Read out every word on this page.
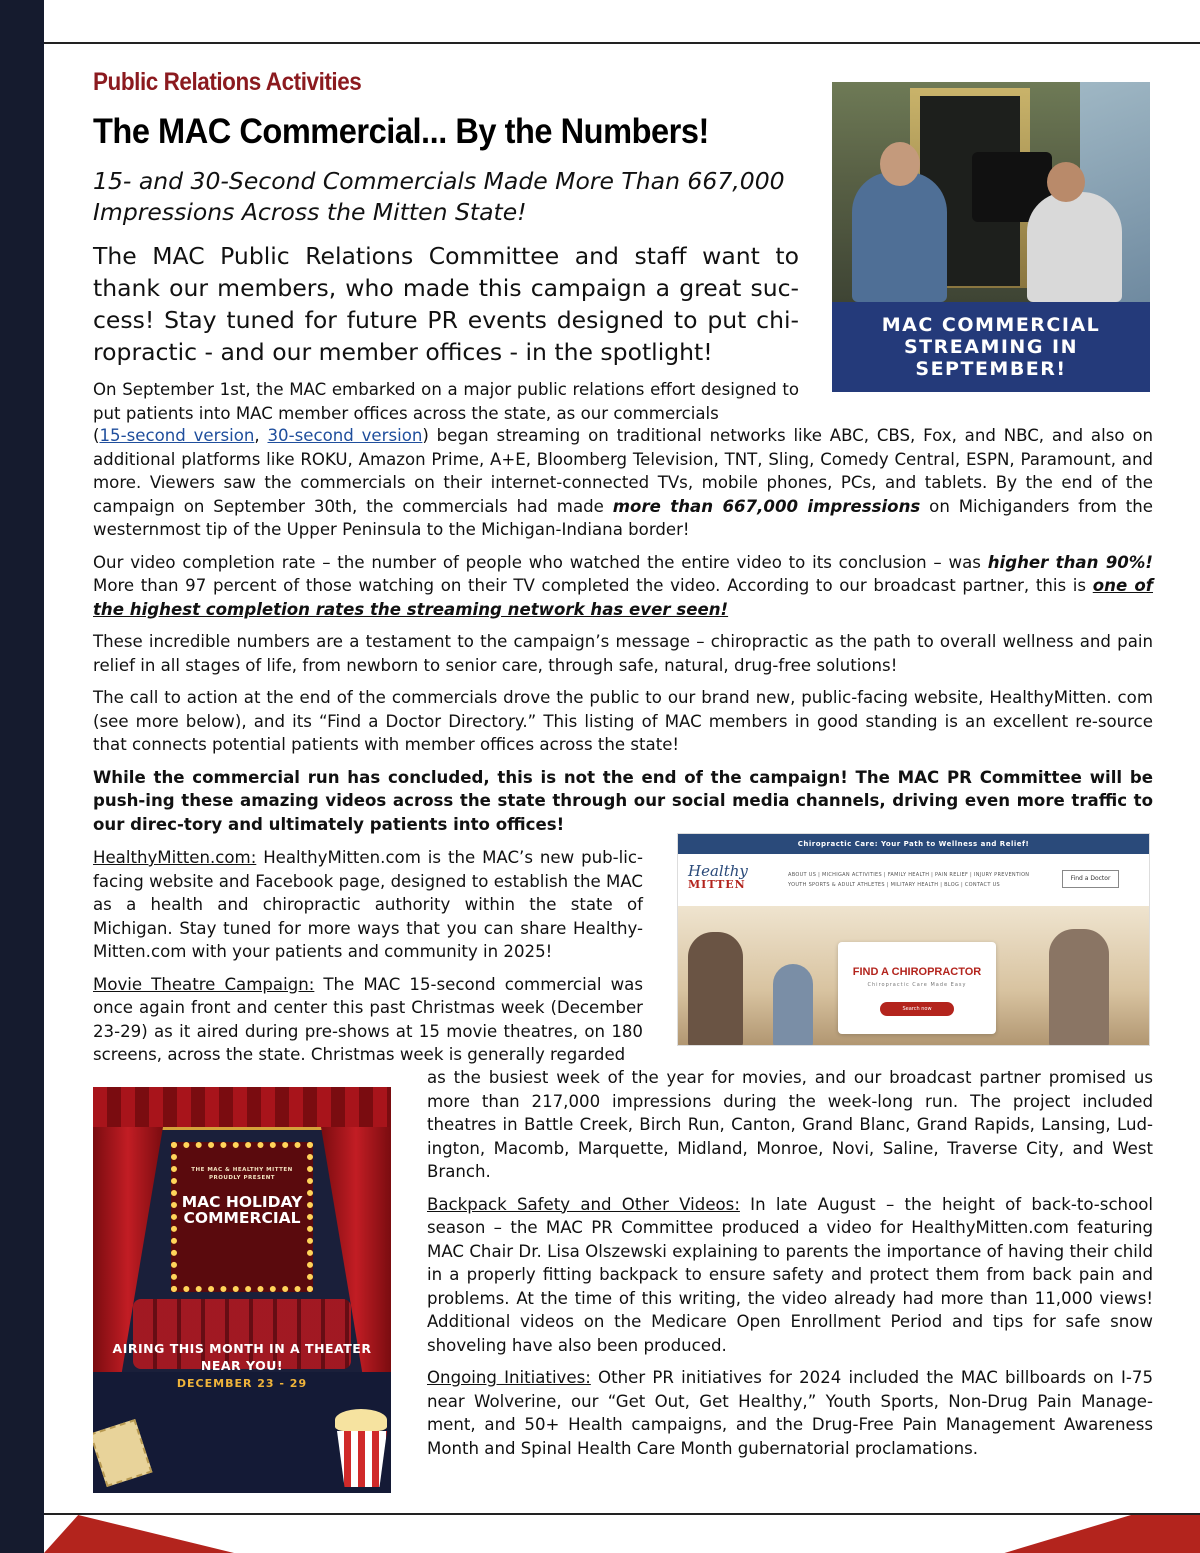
Public Relations Activities
The MAC Commercial... By the Numbers!
15- and 30-Second Commercials Made More Than 667,000 Impressions Across the Mitten State!
The MAC Public Relations Committee and staff want to thank our members, who made this campaign a great suc-cess! Stay tuned for future PR events designed to put chi-ropractic - and our member offices - in the spotlight!
MAC COMMERCIAL STREAMING IN SEPTEMBER!
On September 1st, the MAC embarked on a major public relations effort designed to put patients into MAC member offices across the state, as our commercials

(15-second version, 30-second version) began streaming on traditional networks like ABC, CBS, Fox, and NBC, and also on additional platforms like ROKU, Amazon Prime, A+E, Bloomberg Television, TNT, Sling, Comedy Central, ESPN, Paramount, and more. Viewers saw the commercials on their internet-connected TVs, mobile phones, PCs, and tablets. By the end of the campaign on September 30th, the commercials had made more than 667,000 impressions on Michiganders from the westernmost tip of the Upper Peninsula to the Michigan-Indiana border!

Our video completion rate – the number of people who watched the entire video to its conclusion – was higher than 90%! More than 97 percent of those watching on their TV completed the video. According to our broadcast partner, this is one of the highest completion rates the streaming network has ever seen!

These incredible numbers are a testament to the campaign’s message – chiropractic as the path to overall wellness and pain relief in all stages of life, from newborn to senior care, through safe, natural, drug-free solutions!

The call to action at the end of the commercials drove the public to our brand new, public-facing website, HealthyMitten. com (see more below), and its “Find a Doctor Directory.” This listing of MAC members in good standing is an excellent re-source that connects potential patients with member offices across the state!

While the commercial run has concluded, this is not the end of the campaign! The MAC PR Committee will be push-ing these amazing videos across the state through our social media channels, driving even more traffic to our direc-tory and ultimately patients into offices!

Chiropractic Care: Your Path to Wellness and Relief!
Healthy
MITTEN
ABOUT US | MICHIGAN ACTIVITIES | FAMILY HEALTH | PAIN RELIEF | INJURY PREVENTION YOUTH SPORTS & ADULT ATHLETES | MILITARY HEALTH | BLOG | CONTACT US
Find a Doctor
FIND A CHIROPRACTOR
Chiropractic Care Made Easy
Search now

HealthyMitten.com: HealthyMitten.com is the MAC’s new pub-lic-facing website and Facebook page, designed to establish the MAC as a health and chiropractic authority within the state of Michigan. Stay tuned for more ways that you can share Healthy-Mitten.com with your patients and community in 2025!

Movie Theatre Campaign: The MAC 15-second commercial was once again front and center this past Christmas week (December 23-29) as it aired during pre-shows at 15 movie theatres, on 180 screens, across the state. Christmas week is generally regarded

THE MAC & HEALTHY MITTEN PROUDLY PRESENT
MAC HOLIDAY COMMERCIAL
AIRING THIS MONTH IN A THEATER NEAR YOU!
DECEMBER 23 - 29

as the busiest week of the year for movies, and our broadcast partner promised us more than 217,000 impressions during the week-long run. The project included theatres in Battle Creek, Birch Run, Canton, Grand Blanc, Grand Rapids, Lansing, Lud-ington, Macomb, Marquette, Midland, Monroe, Novi, Saline, Traverse City, and West Branch.

Backpack Safety and Other Videos: In late August – the height of back-to-school season – the MAC PR Committee produced a video for HealthyMitten.com featuring MAC Chair Dr. Lisa Olszewski explaining to parents the importance of having their child in a properly fitting backpack to ensure safety and protect them from back pain and problems. At the time of this writing, the video already had more than 11,000 views! Additional videos on the Medicare Open Enrollment Period and tips for safe snow shoveling have also been produced.

Ongoing Initiatives: Other PR initiatives for 2024 included the MAC billboards on I-75 near Wolverine, our “Get Out, Get Healthy,” Youth Sports, Non-Drug Pain Manage-ment, and 50+ Health campaigns, and the Drug-Free Pain Management Awareness Month and Spinal Health Care Month gubernatorial proclamations.
